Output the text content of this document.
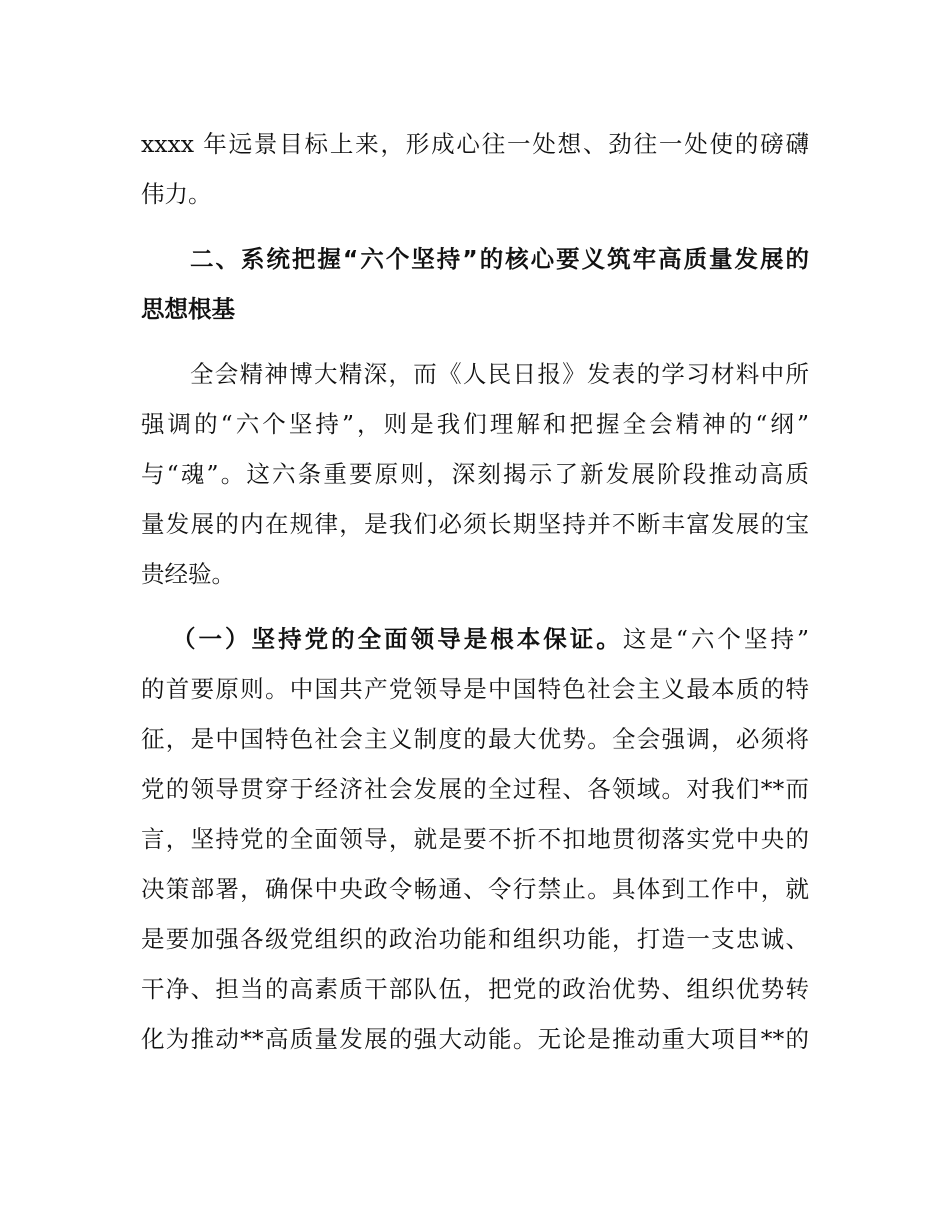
xxxx 年远景目标上来，形成心往一处想、劲往一处使的磅礴
伟力。
二、系统把握“六个坚持”的核心要义筑牢高质量发展的
思想根基
全会精神博大精深，而《人民日报》发表的学习材料中所
强调的“六个坚持”，则是我们理解和把握全会精神的“纲”
与“魂”。这六条重要原则，深刻揭示了新发展阶段推动高质
量发展的内在规律，是我们必须长期坚持并不断丰富发展的宝
贵经验。
（一）坚持党的全面领导是根本保证。这是“六个坚持”
的首要原则。中国共产党领导是中国特色社会主义最本质的特
征，是中国特色社会主义制度的最大优势。全会强调，必须将
党的领导贯穿于经济社会发展的全过程、各领域。对我们**而
言，坚持党的全面领导，就是要不折不扣地贯彻落实党中央的
决策部署，确保中央政令畅通、令行禁止。具体到工作中，就
是要加强各级党组织的政治功能和组织功能，打造一支忠诚、
干净、担当的高素质干部队伍，把党的政治优势、组织优势转
化为推动**高质量发展的强大动能。无论是推动重大项目**的
